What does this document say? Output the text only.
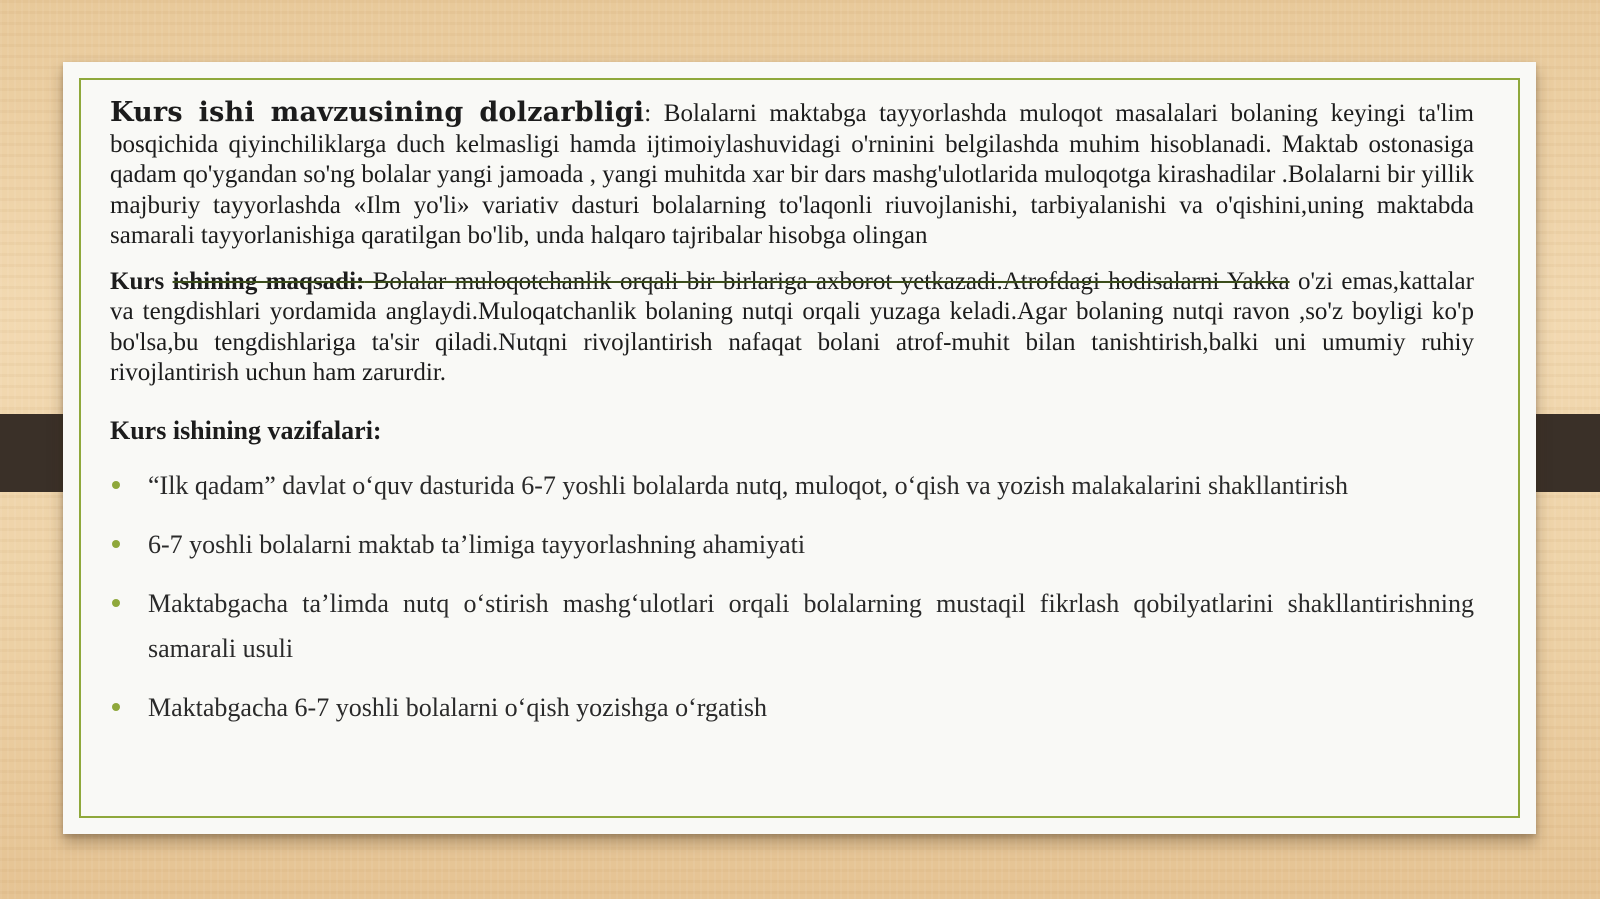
Kurs ishi mavzusining dolzarbligi: Bolalarni maktabga tayyorlashda muloqot masalalari bolaning keyingi ta'lim bosqichida qiyinchiliklarga duch kelmasligi hamda ijtimoiylashuvidagi o'rninini belgilashda muhim hisoblanadi. Maktab ostonasiga qadam qo'ygandan so'ng bolalar yangi jamoada , yangi muhitda xar bir dars mashg'ulotlarida muloqotga kirashadilar .Bolalarni bir yillik majburiy tayyorlashda «Ilm yo'li» variativ dasturi bolalarning to'laqonli riuvojlanishi, tarbiyalanishi va o'qishini,uning maktabda samarali tayyorlanishiga qaratilgan bo'lib, unda halqaro tajribalar hisobga olingan

Kurs ishining maqsadi: Bolalar muloqotchanlik orqali bir birlariga axborot yetkazadi.Atrofdagi hodisalarni Yakka o'zi emas,kattalar va tengdishlari yordamida anglaydi.Muloqatchanlik bolaning nutqi orqali yuzaga keladi.Agar bolaning nutqi ravon ,so'z boyligi ko'p bo'lsa,bu tengdishlariga ta'sir qiladi.Nutqni rivojlantirish nafaqat bolani atrof-muhit bilan tanishtirish,balki uni umumiy ruhiy rivojlantirish uchun ham zarurdir.

Kurs ishining vazifalari:

“Ilk qadam” davlat o‘quv dasturida 6-7 yoshli bolalarda nutq, muloqot, o‘qish va yozish malakalarini shakllantirish
6-7 yoshli bolalarni maktab ta’limiga tayyorlashning ahamiyati
Maktabgacha ta’limda nutq o‘stirish mashg‘ulotlari orqali bolalarning mustaqil fikrlash qobilyatlarini shakllantirishning samarali usuli
Maktabgacha 6-7 yoshli bolalarni o‘qish yozishga o‘rgatish
